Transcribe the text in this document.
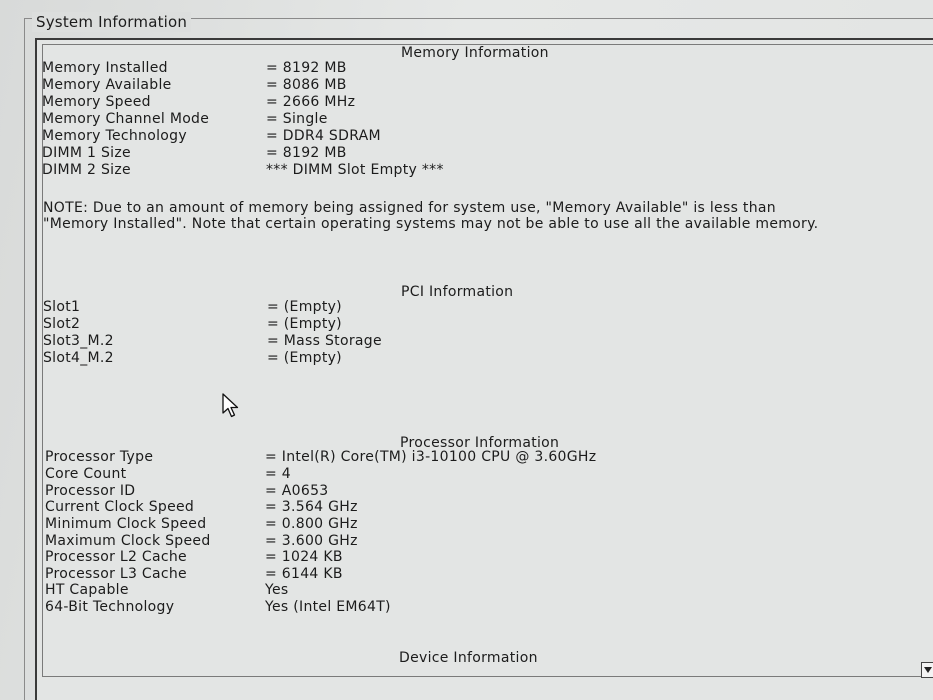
System Information
Memory Information
Memory Installed	= 8192 MB
Memory Available	= 8086 MB
Memory Speed	= 2666 MHz
Memory Channel Mode	= Single
Memory Technology	= DDR4 SDRAM
DIMM 1 Size	= 8192 MB
DIMM 2 Size	*** DIMM Slot Empty ***
NOTE: Due to an amount of memory being assigned for system use, "Memory Available" is less than "Memory Installed". Note that certain operating systems may not be able to use all the available memory.
PCI Information
Slot1	= (Empty)
Slot2	= (Empty)
Slot3_M.2	= Mass Storage
Slot4_M.2	= (Empty)
Processor Information
Processor Type	= Intel(R) Core(TM) i3-10100 CPU @ 3.60GHz
Core Count	= 4
Processor ID	= A0653
Current Clock Speed	= 3.564 GHz
Minimum Clock Speed	= 0.800 GHz
Maximum Clock Speed	= 3.600 GHz
Processor L2 Cache	= 1024 KB
Processor L3 Cache	= 6144 KB
HT Capable	Yes
64-Bit Technology	Yes (Intel EM64T)
Device Information
